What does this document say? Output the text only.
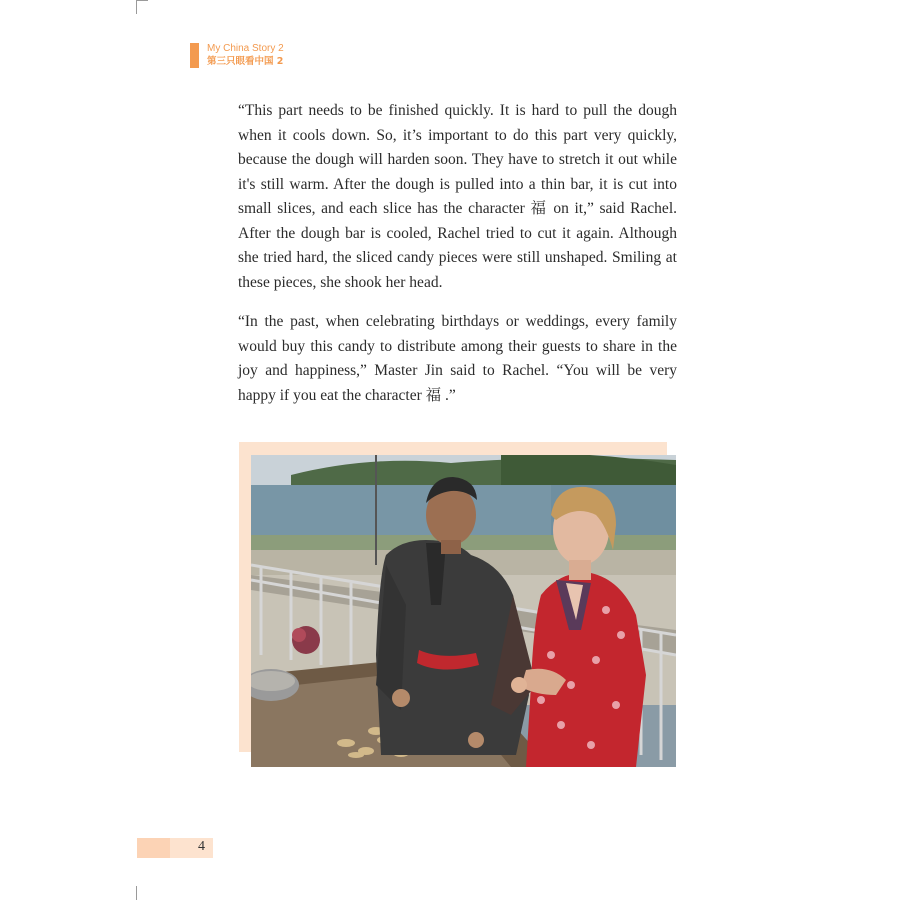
My China Story 2
第三只眼看中国 2

“This part needs to be finished quickly. It is hard to pull the dough when it cools down. So, it’s important to do this part very quickly, because the dough will harden soon. They have to stretch it out while it's still warm. After the dough is pulled into a thin bar, it is cut into small slices, and each slice has the character 福 on it,” said Rachel. After the dough bar is cooled, Rachel tried to cut it again. Although she tried hard, the sliced candy pieces were still unshaped. Smiling at these pieces, she shook her head.

“In the past, when celebrating birthdays or weddings, every family would buy this candy to distribute among their guests to share in the joy and happiness,” Master Jin said to Rachel. “You will be very happy if you eat the character 福 .”

4
